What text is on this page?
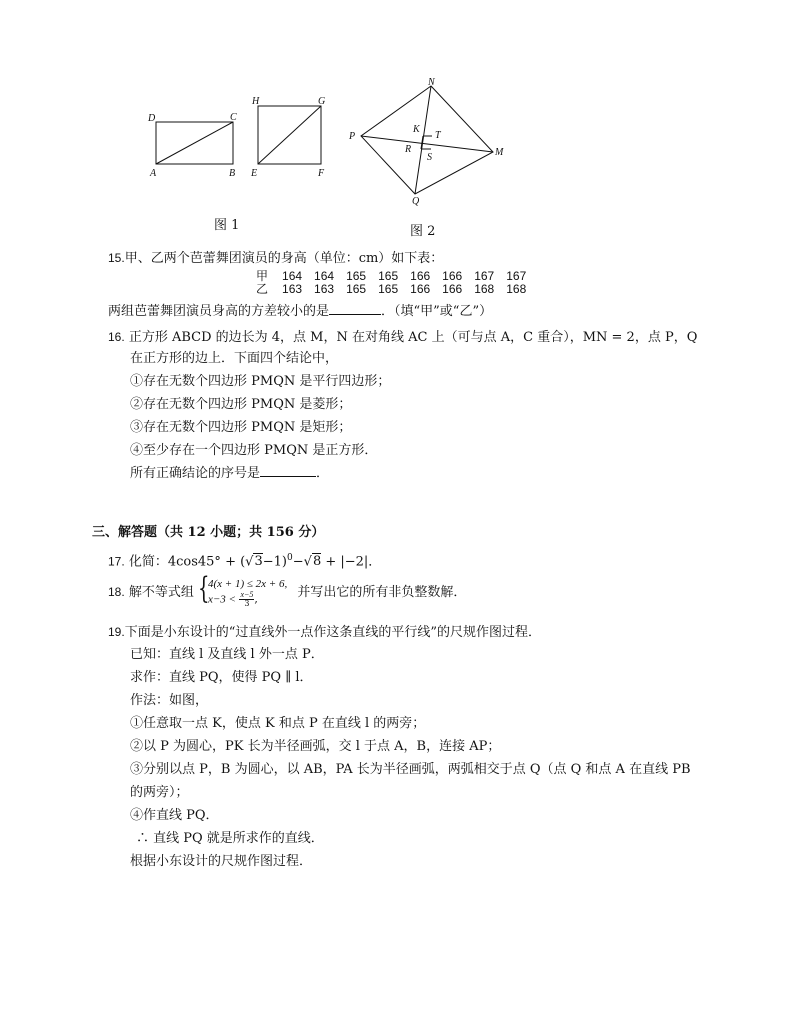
D	C
A	B
H	G
E	F
图 1
N
P
K
T
R
S	M
Q
图 2
15.甲、乙两个芭蕾舞团演员的身高（单位：cm）如下表：
甲	164	164	165	165	166	166	167	167
乙	163	163	165	165	166	166	168	168
两组芭蕾舞团演员身高的方差较小的是	．（填“甲”或“乙”）
16. 正方形 ABCD 的边长为 4，点 M，N 在对角线 AC 上（可与点 A，C 重合），MN = 2，点 P，Q
在正方形的边上．下面四个结论中，
①存在无数个四边形 PMQN 是平行四边形；
②存在无数个四边形 PMQN 是菱形；
③存在无数个四边形 PMQN 是矩形；
④至少存在一个四边形 PMQN 是正方形．
所有正确结论的序号是	．
三、解答题（共 12 小题；共 156 分）
17. 化简：$4\cos 45^\circ + (√3-1)^0-√8 + |-2|$．
18. 解不等式组 {
4(x + 1) ≤ 2x + 6,
$x-3 < \frac{x-5}{3}$ ,	并写出它的所有非负整数解．
19.下面是小东设计的“过直线外一点作这条直线的平行线”的尺规作图过程．
已知：直线 l 及直线 l 外一点 P．
求作：直线 PQ，使得 PQ ∥ l．
作法：如图，
①任意取一点 K，使点 K 和点 P 在直线 l 的两旁；
②以 P 为圆心，PK 长为半径画弧，交 l 于点 A，B，连接 AP；
③分别以点 P，B 为圆心，以 AB，PA 长为半径画弧，两弧相交于点 Q（点 Q 和点 A 在直线 PB
的两旁）；
④作直线 PQ．
∴ 直线 PQ 就是所求作的直线．
根据小东设计的尺规作图过程．
